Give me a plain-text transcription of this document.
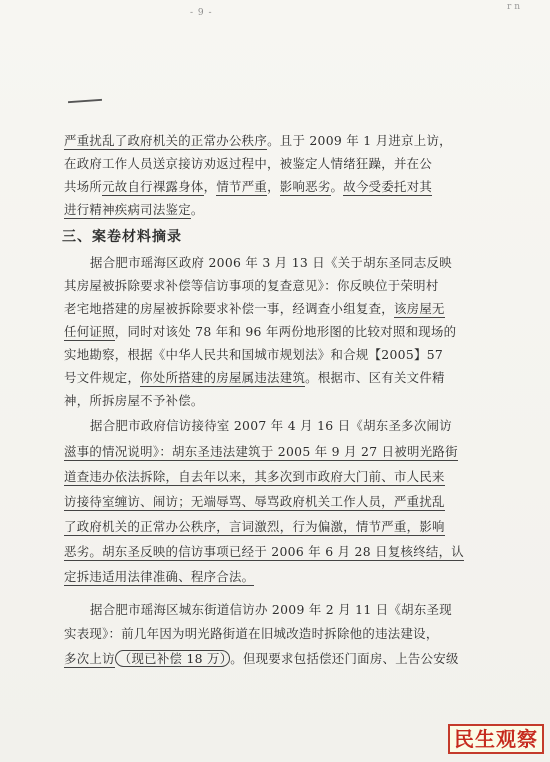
- 9 -
r n
严重扰乱了政府机关的正常办公秩序。且于 2009 年 1 月进京上访，
在政府工作人员送京接访劝返过程中，被鉴定人情绪狂躁，并在公
共场所元故自行裸露身体，情节严重，影响恶劣。故今受委托对其
进行精神疾病司法鉴定。
三、案卷材料摘录
据合肥市瑶海区政府 2006 年 3 月 13 日《关于胡东圣同志反映
其房屋被拆除要求补偿等信访事项的复查意见》：你反映位于荣明村
老宅地搭建的房屋被拆除要求补偿一事，经调查小组复查，该房屋无
任何证照，同时对该处 78 年和 96 年两份地形图的比较对照和现场的
实地勘察，根据《中华人民共和国城市规划法》和合规【2005】57
号文件规定，你处所搭建的房屋属违法建筑。根据市、区有关文件精
神，所拆房屋不予补偿。
据合肥市政府信访接待室 2007 年 4 月 16 日《胡东圣多次闹访
滋事的情况说明》：胡东圣违法建筑于 2005 年 9 月 27 日被明光路街
道查违办依法拆除，自去年以来，其多次到市政府大门前、市人民来
访接待室缠访、闹访；无端辱骂、辱骂政府机关工作人员，严重扰乱
了政府机关的正常办公秩序，言词激烈，行为偏激，情节严重，影响
恶劣。胡东圣反映的信访事项已经于 2006 年 6 月 28 日复核终结，认
定拆违适用法律准确、程序合法。
据合肥市瑶海区城东街道信访办 2009 年 2 月 11 日《胡东圣现
实表现》：前几年因为明光路街道在旧城改造时拆除他的违法建设，
多次上访 （现已补偿 18 万） 。但现要求包括偿还门面房、上告公安级
民生观察
